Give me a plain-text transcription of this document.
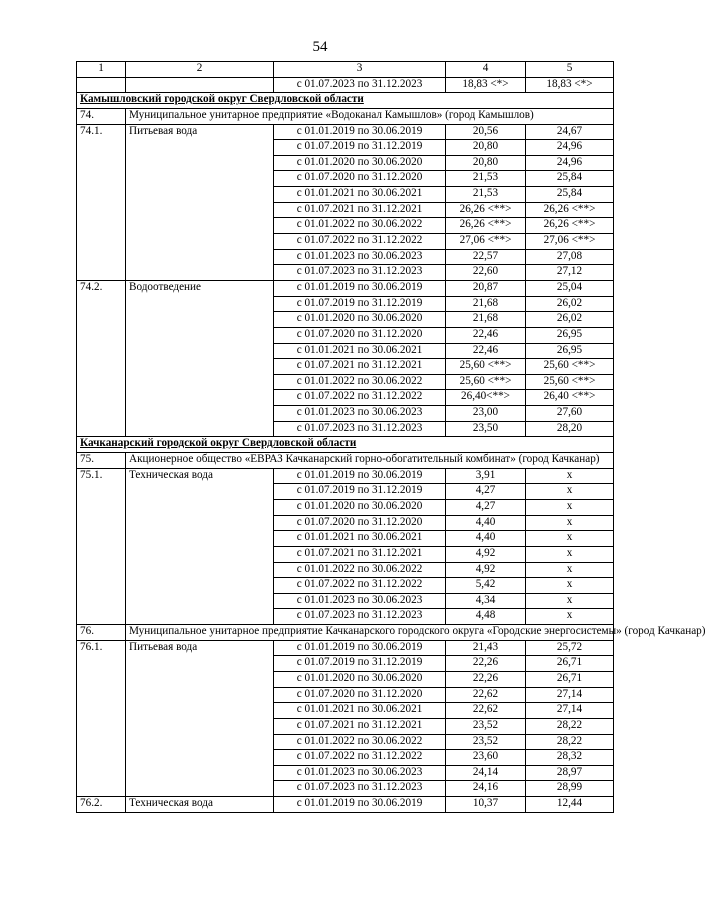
54
1	2	3	4	5
		с 01.07.2023 по 31.12.2023	18,83 <*>	18,83 <*>
Камышловский городской округ Свердловской области				
74.	Муниципальное унитарное предприятие «Водоканал Камышлов» (город Камышлов)			
74.1.	Питьевая вода	с 01.01.2019 по 30.06.2019	20,56	24,67
		с 01.07.2019 по 31.12.2019	20,80	24,96
		с 01.01.2020 по 30.06.2020	20,80	24,96
		с 01.07.2020 по 31.12.2020	21,53	25,84
		с 01.01.2021 по 30.06.2021	21,53	25,84
		с 01.07.2021 по 31.12.2021	26,26 <**>	26,26 <**>
		с 01.01.2022 по 30.06.2022	26,26 <**>	26,26 <**>
		с 01.07.2022 по 31.12.2022	27,06 <**>	27,06 <**>
		с 01.01.2023 по 30.06.2023	22,57	27,08
		с 01.07.2023 по 31.12.2023	22,60	27,12
74.2.	Водоотведение	с 01.01.2019 по 30.06.2019	20,87	25,04
		с 01.07.2019 по 31.12.2019	21,68	26,02
		с 01.01.2020 по 30.06.2020	21,68	26,02
		с 01.07.2020 по 31.12.2020	22,46	26,95
		с 01.01.2021 по 30.06.2021	22,46	26,95
		с 01.07.2021 по 31.12.2021	25,60 <**>	25,60 <**>
		с 01.01.2022 по 30.06.2022	25,60 <**>	25,60 <**>
		с 01.07.2022 по 31.12.2022	26,40<**>	26,40 <**>
		с 01.01.2023 по 30.06.2023	23,00	27,60
		с 01.07.2023 по 31.12.2023	23,50	28,20
Качканарский городской округ Свердловской области				
75.	Акционерное общество «ЕВРАЗ Качканарский горно-обогатительный комбинат» (город Качканар)			
75.1.	Техническая вода	с 01.01.2019 по 30.06.2019	3,91	х
		с 01.07.2019 по 31.12.2019	4,27	х
		с 01.01.2020 по 30.06.2020	4,27	х
		с 01.07.2020 по 31.12.2020	4,40	х
		с 01.01.2021 по 30.06.2021	4,40	х
		с 01.07.2021 по 31.12.2021	4,92	х
		с 01.01.2022 по 30.06.2022	4,92	х
		с 01.07.2022 по 31.12.2022	5,42	х
		с 01.01.2023 по 30.06.2023	4,34	х
		с 01.07.2023 по 31.12.2023	4,48	х
76.	Муниципальное унитарное предприятие Качканарского городского округа «Городские энергосистемы» (город Качканар)			
76.1.	Питьевая вода	с 01.01.2019 по 30.06.2019	21,43	25,72
		с 01.07.2019 по 31.12.2019	22,26	26,71
		с 01.01.2020 по 30.06.2020	22,26	26,71
		с 01.07.2020 по 31.12.2020	22,62	27,14
		с 01.01.2021 по 30.06.2021	22,62	27,14
		с 01.07.2021 по 31.12.2021	23,52	28,22
		с 01.01.2022 по 30.06.2022	23,52	28,22
		с 01.07.2022 по 31.12.2022	23,60	28,32
		с 01.01.2023 по 30.06.2023	24,14	28,97
		с 01.07.2023 по 31.12.2023	24,16	28,99
76.2.	Техническая вода	с 01.01.2019 по 30.06.2019	10,37	12,44
